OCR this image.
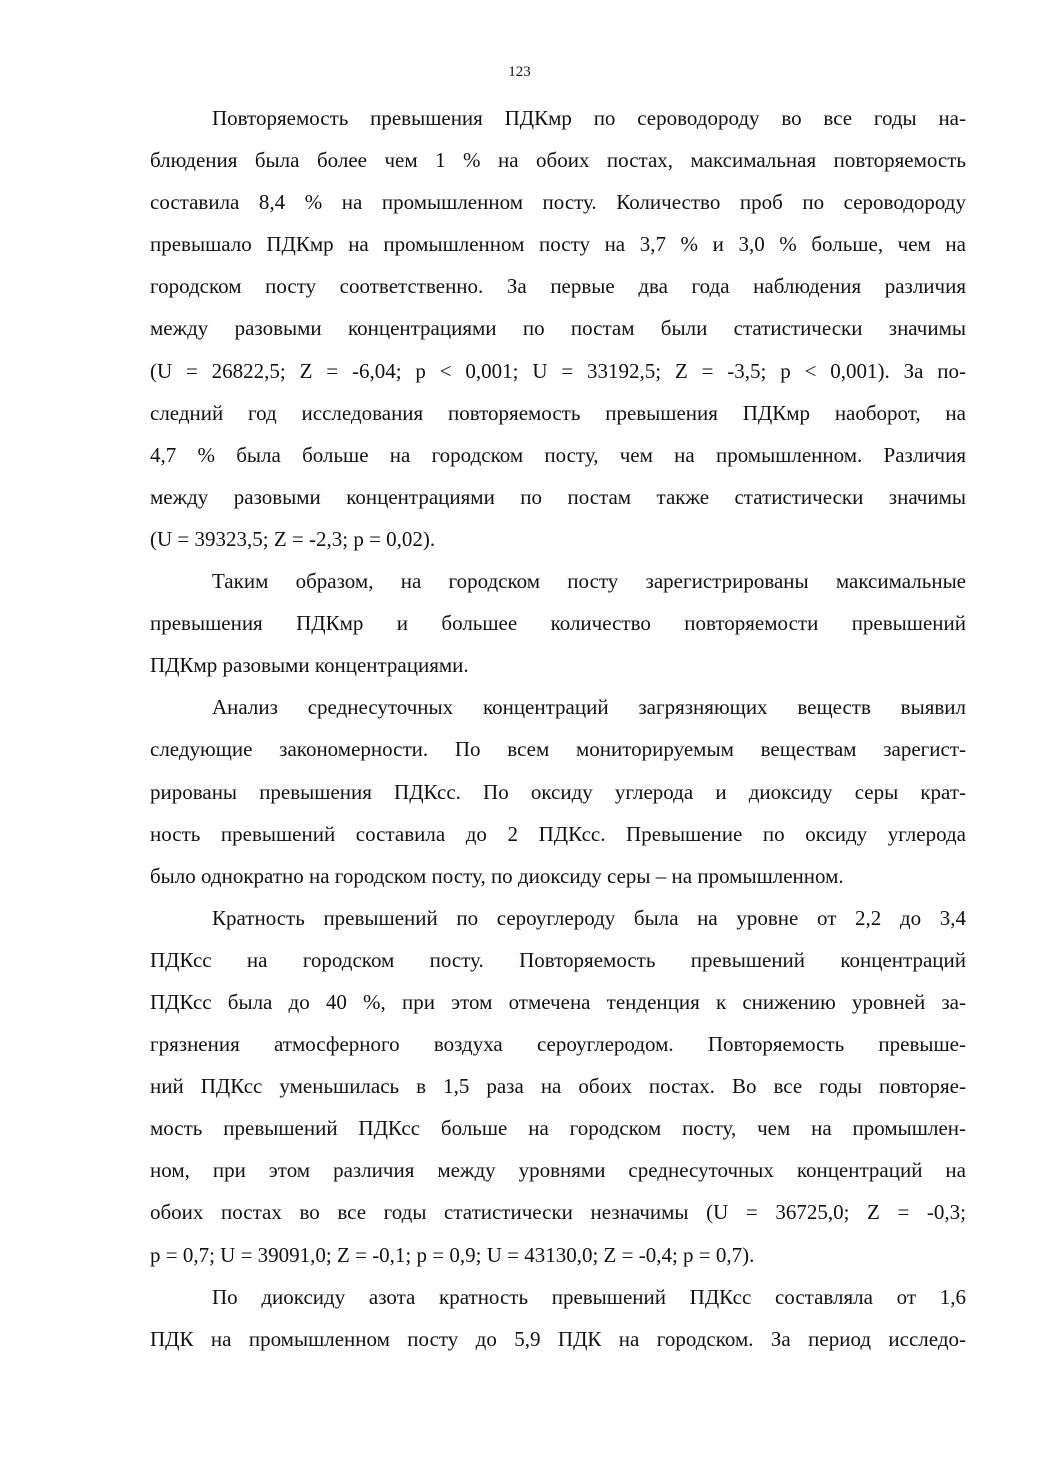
123
Повторяемость превышения ПДКмр по сероводороду во все годы на-
блюдения была более чем 1 % на обоих постах, максимальная повторяемость
составила 8,4 % на промышленном посту. Количество проб по сероводороду
превышало ПДКмр на промышленном посту на 3,7 % и 3,0 % больше, чем на
городском посту соответственно. За первые два года наблюдения различия
между разовыми концентрациями по постам были статистически значимы
(U = 26822,5; Z = -6,04; p < 0,001; U = 33192,5; Z = -3,5; p < 0,001). За по-
следний год исследования повторяемость превышения ПДКмр наоборот, на
4,7 % была больше на городском посту, чем на промышленном. Различия
между разовыми концентрациями по постам также статистически значимы
(U = 39323,5; Z = -2,3; p = 0,02).
Таким образом, на городском посту зарегистрированы максимальные
превышения ПДКмр и большее количество повторяемости превышений
ПДКмр разовыми концентрациями.
Анализ среднесуточных концентраций загрязняющих веществ выявил
следующие закономерности. По всем мониторируемым веществам зарегист-
рированы превышения ПДКсс. По оксиду углерода и диоксиду серы крат-
ность превышений составила до 2 ПДКсс. Превышение по оксиду углерода
было однократно на городском посту, по диоксиду серы – на промышленном.
Кратность превышений по сероуглероду была на уровне от 2,2 до 3,4
ПДКсс на городском посту. Повторяемость превышений концентраций
ПДКсс была до 40 %, при этом отмечена тенденция к снижению уровней за-
грязнения атмосферного воздуха сероуглеродом. Повторяемость превыше-
ний ПДКсс уменьшилась в 1,5 раза на обоих постах. Во все годы повторяе-
мость превышений ПДКсс больше на городском посту, чем на промышлен-
ном, при этом различия между уровнями среднесуточных концентраций на
обоих постах во все годы статистически незначимы (U = 36725,0; Z = -0,3;
p = 0,7; U = 39091,0; Z = -0,1; p = 0,9; U = 43130,0; Z = -0,4; p = 0,7).
По диоксиду азота кратность превышений ПДКсс составляла от 1,6
ПДК на промышленном посту до 5,9 ПДК на городском. За период исследо-
